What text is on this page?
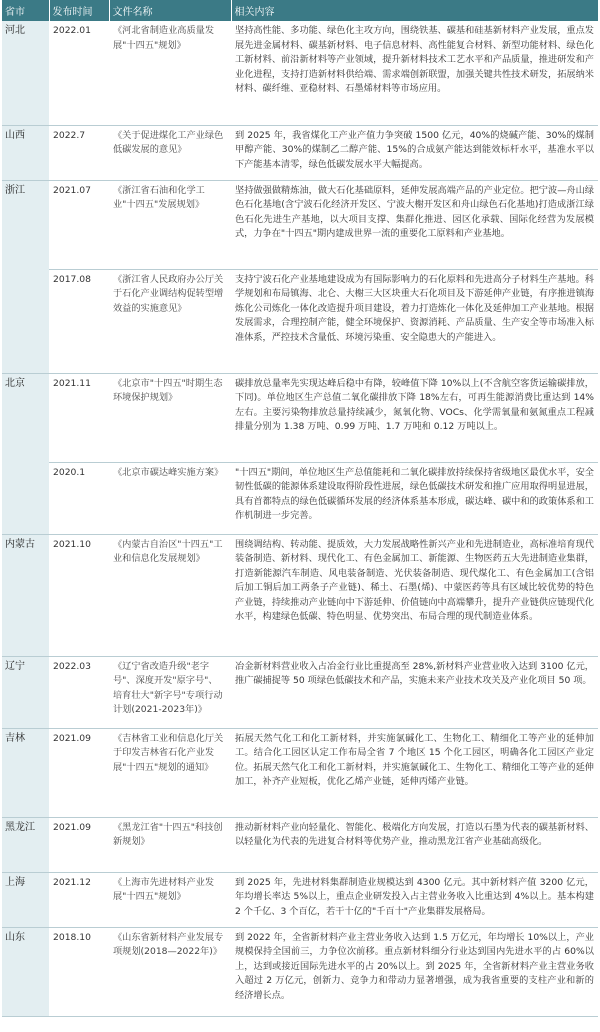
省市	发布时间	文件名称	相关内容
河北	2022.01	《河北省制造业高质量发展"十四五"规划》	坚持高性能、多功能、绿色化主攻方向，围绕铁基、碳基和硅基新材料产业发展，重点发展先进金属材料、碳基新材料、电子信息材料、高性能复合材料、新型功能材料、绿色化工新材料、前沿新材料等产业领域，提升新材料技术工艺水平和产品质量，推进研发和产业化进程，支持打造新材料供给端、需求端创新联盟，加强关键共性技术研发，拓展纳米材料、碳纤维、亚稳材料、石墨烯材料等市场应用。
山西	2022.7	《关于促进煤化工产业绿色低碳发展的意见》	到 2025 年，我省煤化工产业产值力争突破 1500 亿元，40%的烧碱产能、30%的煤制甲醇产能、30%的煤制乙二醇产能、15%的合成氨产能达到能效标杆水平，基准水平以下产能基本清零，绿色低碳发展水平大幅提高。
浙江	2021.07	《浙江省石油和化学工业"十四五"发展规划》	坚持做强做精炼油，做大石化基础原料，延伸发展高端产品的产业定位。把宁波—舟山绿色石化基地(含宁波石化经济开发区、宁波大榭开发区和舟山绿色石化基地)打造成浙江绿色石化先进生产基地，以大项目支撑、集群化推进、园区化承载、国际化经营为发展模式，力争在"十四五"期内建成世界一流的重要化工原料和产业基地。
	2017.08	《浙江省人民政府办公厅关于石化产业调结构促转型增效益的实施意见》	支持宁波石化产业基地建设成为有国际影响力的石化原料和先进高分子材料生产基地。科学规划和布局镇海、北仑、大榭三大区块重大石化项目及下游延伸产业链，有序推进镇海炼化公司炼化一体化改造提升项目建设，着力打造炼化一体化及延伸加工产业基地。根据发展需求，合理控制产能，健全环境保护、资源消耗、产品质量、生产安全等市场准入标准体系，严控技术含量低、环境污染重、安全隐患大的产能进入。
北京	2021.11	《北京市"十四五"时期生态环境保护规划》	碳排放总量率先实现达峰后稳中有降，较峰值下降 10%以上(不含航空客货运输碳排放，下同)。单位地区生产总值二氧化碳排放下降 18%左右，可再生能源消费比重达到 14%左右。主要污染物排放总量持续减少，氮氧化物、VOCs、化学需氧量和氨氮重点工程减排量分别为 1.38 万吨、0.99 万吨、1.7 万吨和 0.12 万吨以上。
	2020.1	《北京市碳达峰实施方案》	"十四五"期间，单位地区生产总值能耗和二氧化碳排放持续保持省级地区最优水平，安全韧性低碳的能源体系建设取得阶段性进展，绿色低碳技术研发和推广应用取得明显进展，具有首都特点的绿色低碳循环发展的经济体系基本形成，碳达峰、碳中和的政策体系和工作机制进一步完善。
内蒙古	2021.10	《内蒙古自治区"十四五"工业和信息化发展规划》	围绕调结构、转动能、提质效，大力发展战略性新兴产业和先进制造业，高标准培育现代装备制造、新材料、现代化工、有色金属加工、新能源、生物医药五大先进制造业集群，打造新能源汽车制造、风电装备制造、光伏装备制造、现代煤化工、有色金属加工(含铝后加工铜后加工两条子产业链)、稀土、石墨(烯)、中蒙医药等具有区域比较优势的特色产业链，持续推动产业链向中下游延伸、价值链向中高端攀升，提升产业链供应链现代化水平，构建绿色低碳、特色明显、优势突出、布局合理的现代制造业体系。
辽宁	2022.03	《辽宁省改造升级"老字号"、深度开发"原字号"、培育壮大"新字号"专项行动计划(2021-2023年)》	冶金新材料营业收入占冶金行业比重提高至 28%,新材料产业营业收入达到 3100 亿元，推广碳捕捉等 50 项绿色低碳技术和产品，实施未来产业技术攻关及产业化项目 50 项。
吉林	2021.09	《吉林省工业和信息化厅关于印发吉林省石化产业发展"十四五"规划的通知》	拓展天然气化工和化工新材料，并实施氯碱化工、生物化工、精细化工等产业的延伸加工。结合化工园区认定工作布局全省 7 个地区 15 个化工园区，明确各化工园区产业定位。拓展天然气化工和化工新材料，并实施氯碱化工、生物化工、精细化工等产业的延伸加工，补齐产业短板，优化乙烯产业链，延伸丙烯产业链。
黑龙江	2021.09	《黑龙江省"十四五"科技创新规划》	推动新材料产业向轻量化、智能化、极端化方向发展，打造以石墨为代表的碳基新材料、以轻量化为代表的先进复合材料等优势产业，推动黑龙江省产业基础高级化。
上海	2021.12	《上海市先进材料产业发展"十四五"规划》	到 2025 年，先进材料集群制造业规模达到 4300 亿元。其中新材料产值 3200 亿元，年均增长率达 5%以上，重点企业研发投入占主营业务收入比重达到 4%以上。基本构建 2 个千亿、3 个百亿，若干十亿的"千百十"产业集群发展格局。
山东	2018.10	《山东省新材料产业发展专项规划(2018—2022年)》	到 2022 年，全省新材料产业主营业务收入达到 1.5 万亿元，年均增长 10%以上，产业规模保持全国前三，力争位次前移。重点新材料细分行业达到国内先进水平的占 60%以上，达到或接近国际先进水平的占 20%以上。到 2025 年，全省新材料产业主营业务收入超过 2 万亿元，创新力、竞争力和带动力显著增强，成为我省重要的支柱产业和新的经济增长点。
